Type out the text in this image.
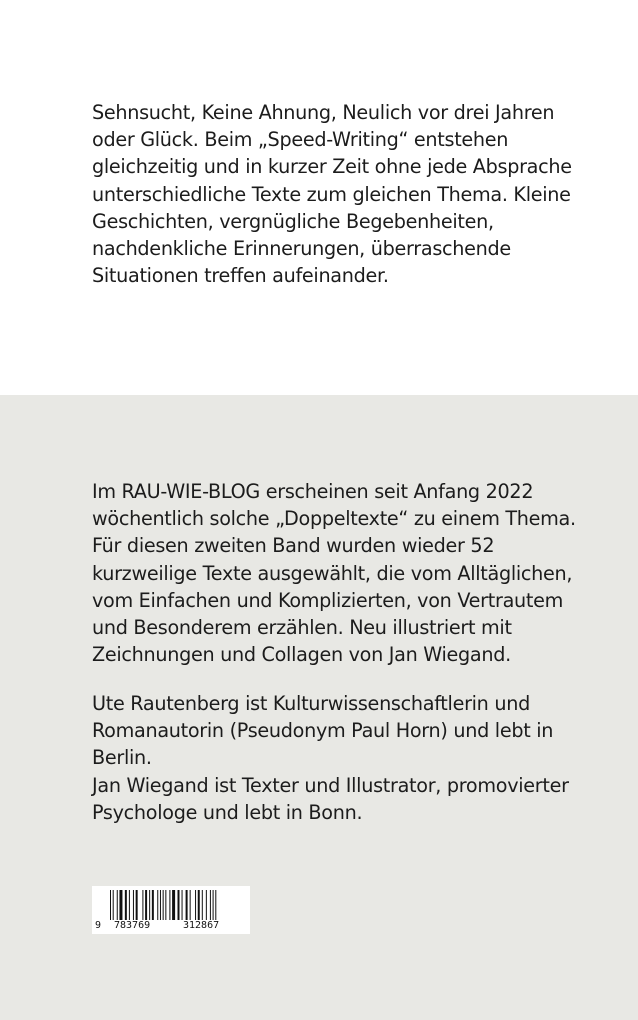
Sehnsucht, Keine Ahnung, Neulich vor drei Jahren
oder Glück. Beim „Speed-Writing“ entstehen
gleichzeitig und in kurzer Zeit ohne jede Absprache
unterschiedliche Texte zum gleichen Thema. Kleine
Geschichten, vergnügliche Begebenheiten,
nachdenkliche Erinnerungen, überraschende
Situationen treffen aufeinander.
Im RAU-WIE-BLOG erscheinen seit Anfang 2022
wöchentlich solche „Doppeltexte“ zu einem Thema.
Für diesen zweiten Band wurden wieder 52
kurzweilige Texte ausgewählt, die vom Alltäglichen,
vom Einfachen und Komplizierten, von Vertrautem
und Besonderem erzählen. Neu illustriert mit
Zeichnungen und Collagen von Jan Wiegand.
Ute Rautenberg ist Kulturwissenschaftlerin und
Romanautorin (Pseudonym Paul Horn) und lebt in
Berlin.
Jan Wiegand ist Texter und Illustrator, promovierter
Psychologe und lebt in Bonn.
9 783769	312867
